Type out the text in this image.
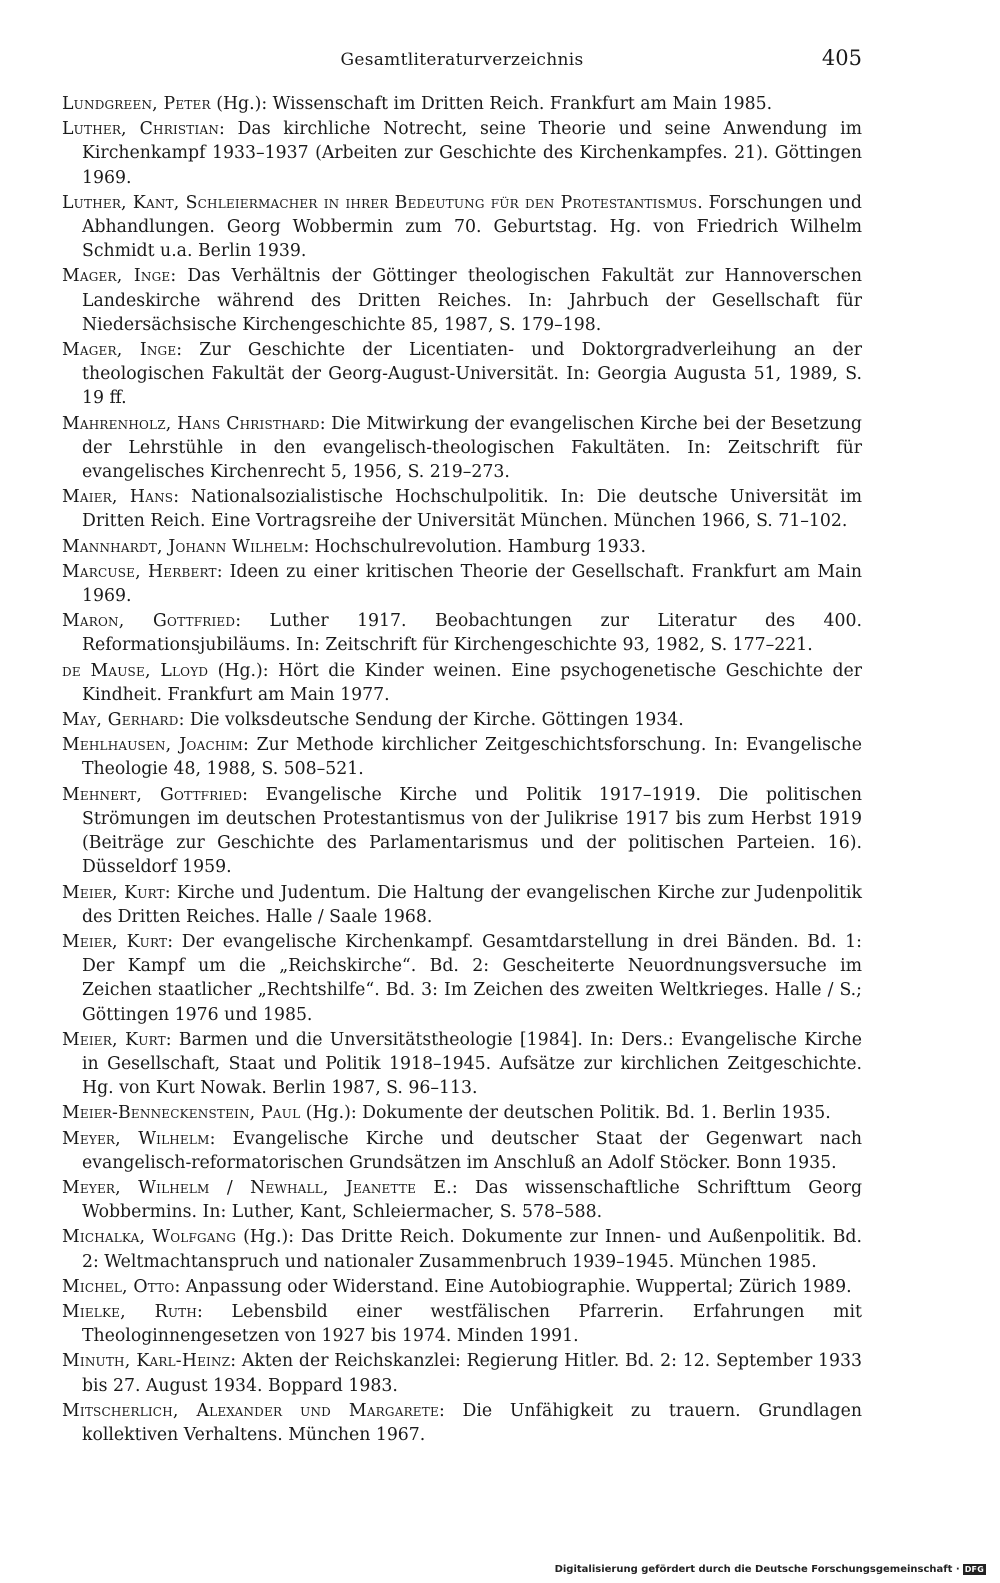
Gesamtliteraturverzeichnis	405

Lundgreen, Peter (Hg.): Wissenschaft im Dritten Reich. Frankfurt am Main 1985.

Luther, Christian: Das kirchliche Notrecht, seine Theorie und seine Anwendung im Kirchenkampf 1933–1937 (Arbeiten zur Geschichte des Kirchenkampfes. 21). Göttingen 1969.

Luther, Kant, Schleiermacher in ihrer Bedeutung für den Protestantismus. Forschungen und Abhandlungen. Georg Wobbermin zum 70. Geburtstag. Hg. von Friedrich Wilhelm Schmidt u.a. Berlin 1939.

Mager, Inge: Das Verhältnis der Göttinger theologischen Fakultät zur Hannoverschen Landeskirche während des Dritten Reiches. In: Jahrbuch der Gesellschaft für Niedersächsische Kirchengeschichte 85, 1987, S. 179–198.

Mager, Inge: Zur Geschichte der Licentiaten- und Doktorgradverleihung an der theologischen Fakultät der Georg-August-Universität. In: Georgia Augusta 51, 1989, S. 19 ff.

Mahrenholz, Hans Christhard: Die Mitwirkung der evangelischen Kirche bei der Besetzung der Lehrstühle in den evangelisch-theologischen Fakultäten. In: Zeitschrift für evangelisches Kirchenrecht 5, 1956, S. 219–273.

Maier, Hans: Nationalsozialistische Hochschulpolitik. In: Die deutsche Universität im Dritten Reich. Eine Vortragsreihe der Universität München. München 1966, S. 71–102.

Mannhardt, Johann Wilhelm: Hochschulrevolution. Hamburg 1933.

Marcuse, Herbert: Ideen zu einer kritischen Theorie der Gesellschaft. Frankfurt am Main 1969.

Maron, Gottfried: Luther 1917. Beobachtungen zur Literatur des 400. Reformationsjubiläums. In: Zeitschrift für Kirchengeschichte 93, 1982, S. 177–221.

de Mause, Lloyd (Hg.): Hört die Kinder weinen. Eine psychogenetische Geschichte der Kindheit. Frankfurt am Main 1977.

May, Gerhard: Die volksdeutsche Sendung der Kirche. Göttingen 1934.

Mehlhausen, Joachim: Zur Methode kirchlicher Zeitgeschichtsforschung. In: Evangelische Theologie 48, 1988, S. 508–521.

Mehnert, Gottfried: Evangelische Kirche und Politik 1917–1919. Die politischen Strömungen im deutschen Protestantismus von der Julikrise 1917 bis zum Herbst 1919 (Beiträge zur Geschichte des Parlamentarismus und der politischen Parteien. 16). Düsseldorf 1959.

Meier, Kurt: Kirche und Judentum. Die Haltung der evangelischen Kirche zur Judenpolitik des Dritten Reiches. Halle / Saale 1968.

Meier, Kurt: Der evangelische Kirchenkampf. Gesamtdarstellung in drei Bänden. Bd. 1: Der Kampf um die „Reichskirche“. Bd. 2: Gescheiterte Neuordnungsversuche im Zeichen staatlicher „Rechtshilfe“. Bd. 3: Im Zeichen des zweiten Weltkrieges. Halle / S.; Göttingen 1976 und 1985.

Meier, Kurt: Barmen und die Unversitätstheologie [1984]. In: Ders.: Evangelische Kirche in Gesellschaft, Staat und Politik 1918–1945. Aufsätze zur kirchlichen Zeitgeschichte. Hg. von Kurt Nowak. Berlin 1987, S. 96–113.

Meier-Benneckenstein, Paul (Hg.): Dokumente der deutschen Politik. Bd. 1. Berlin 1935.

Meyer, Wilhelm: Evangelische Kirche und deutscher Staat der Gegenwart nach evangelisch-reformatorischen Grundsätzen im Anschluß an Adolf Stöcker. Bonn 1935.

Meyer, Wilhelm / Newhall, Jeanette E.: Das wissenschaftliche Schrifttum Georg Wobbermins. In: Luther, Kant, Schleiermacher, S. 578–588.

Michalka, Wolfgang (Hg.): Das Dritte Reich. Dokumente zur Innen- und Außenpolitik. Bd. 2: Weltmachtanspruch und nationaler Zusammenbruch 1939–1945. München 1985.

Michel, Otto: Anpassung oder Widerstand. Eine Autobiographie. Wuppertal; Zürich 1989.

Mielke, Ruth: Lebensbild einer westfälischen Pfarrerin. Erfahrungen mit Theologinnengesetzen von 1927 bis 1974. Minden 1991.

Minuth, Karl-Heinz: Akten der Reichskanzlei: Regierung Hitler. Bd. 2: 12. September 1933 bis 27. August 1934. Boppard 1983.

Mitscherlich, Alexander und Margarete: Die Unfähigkeit zu trauern. Grundlagen kollektiven Verhaltens. München 1967.

Digitalisierung gefördert durch die Deutsche Forschungsgemeinschaft · DFG
